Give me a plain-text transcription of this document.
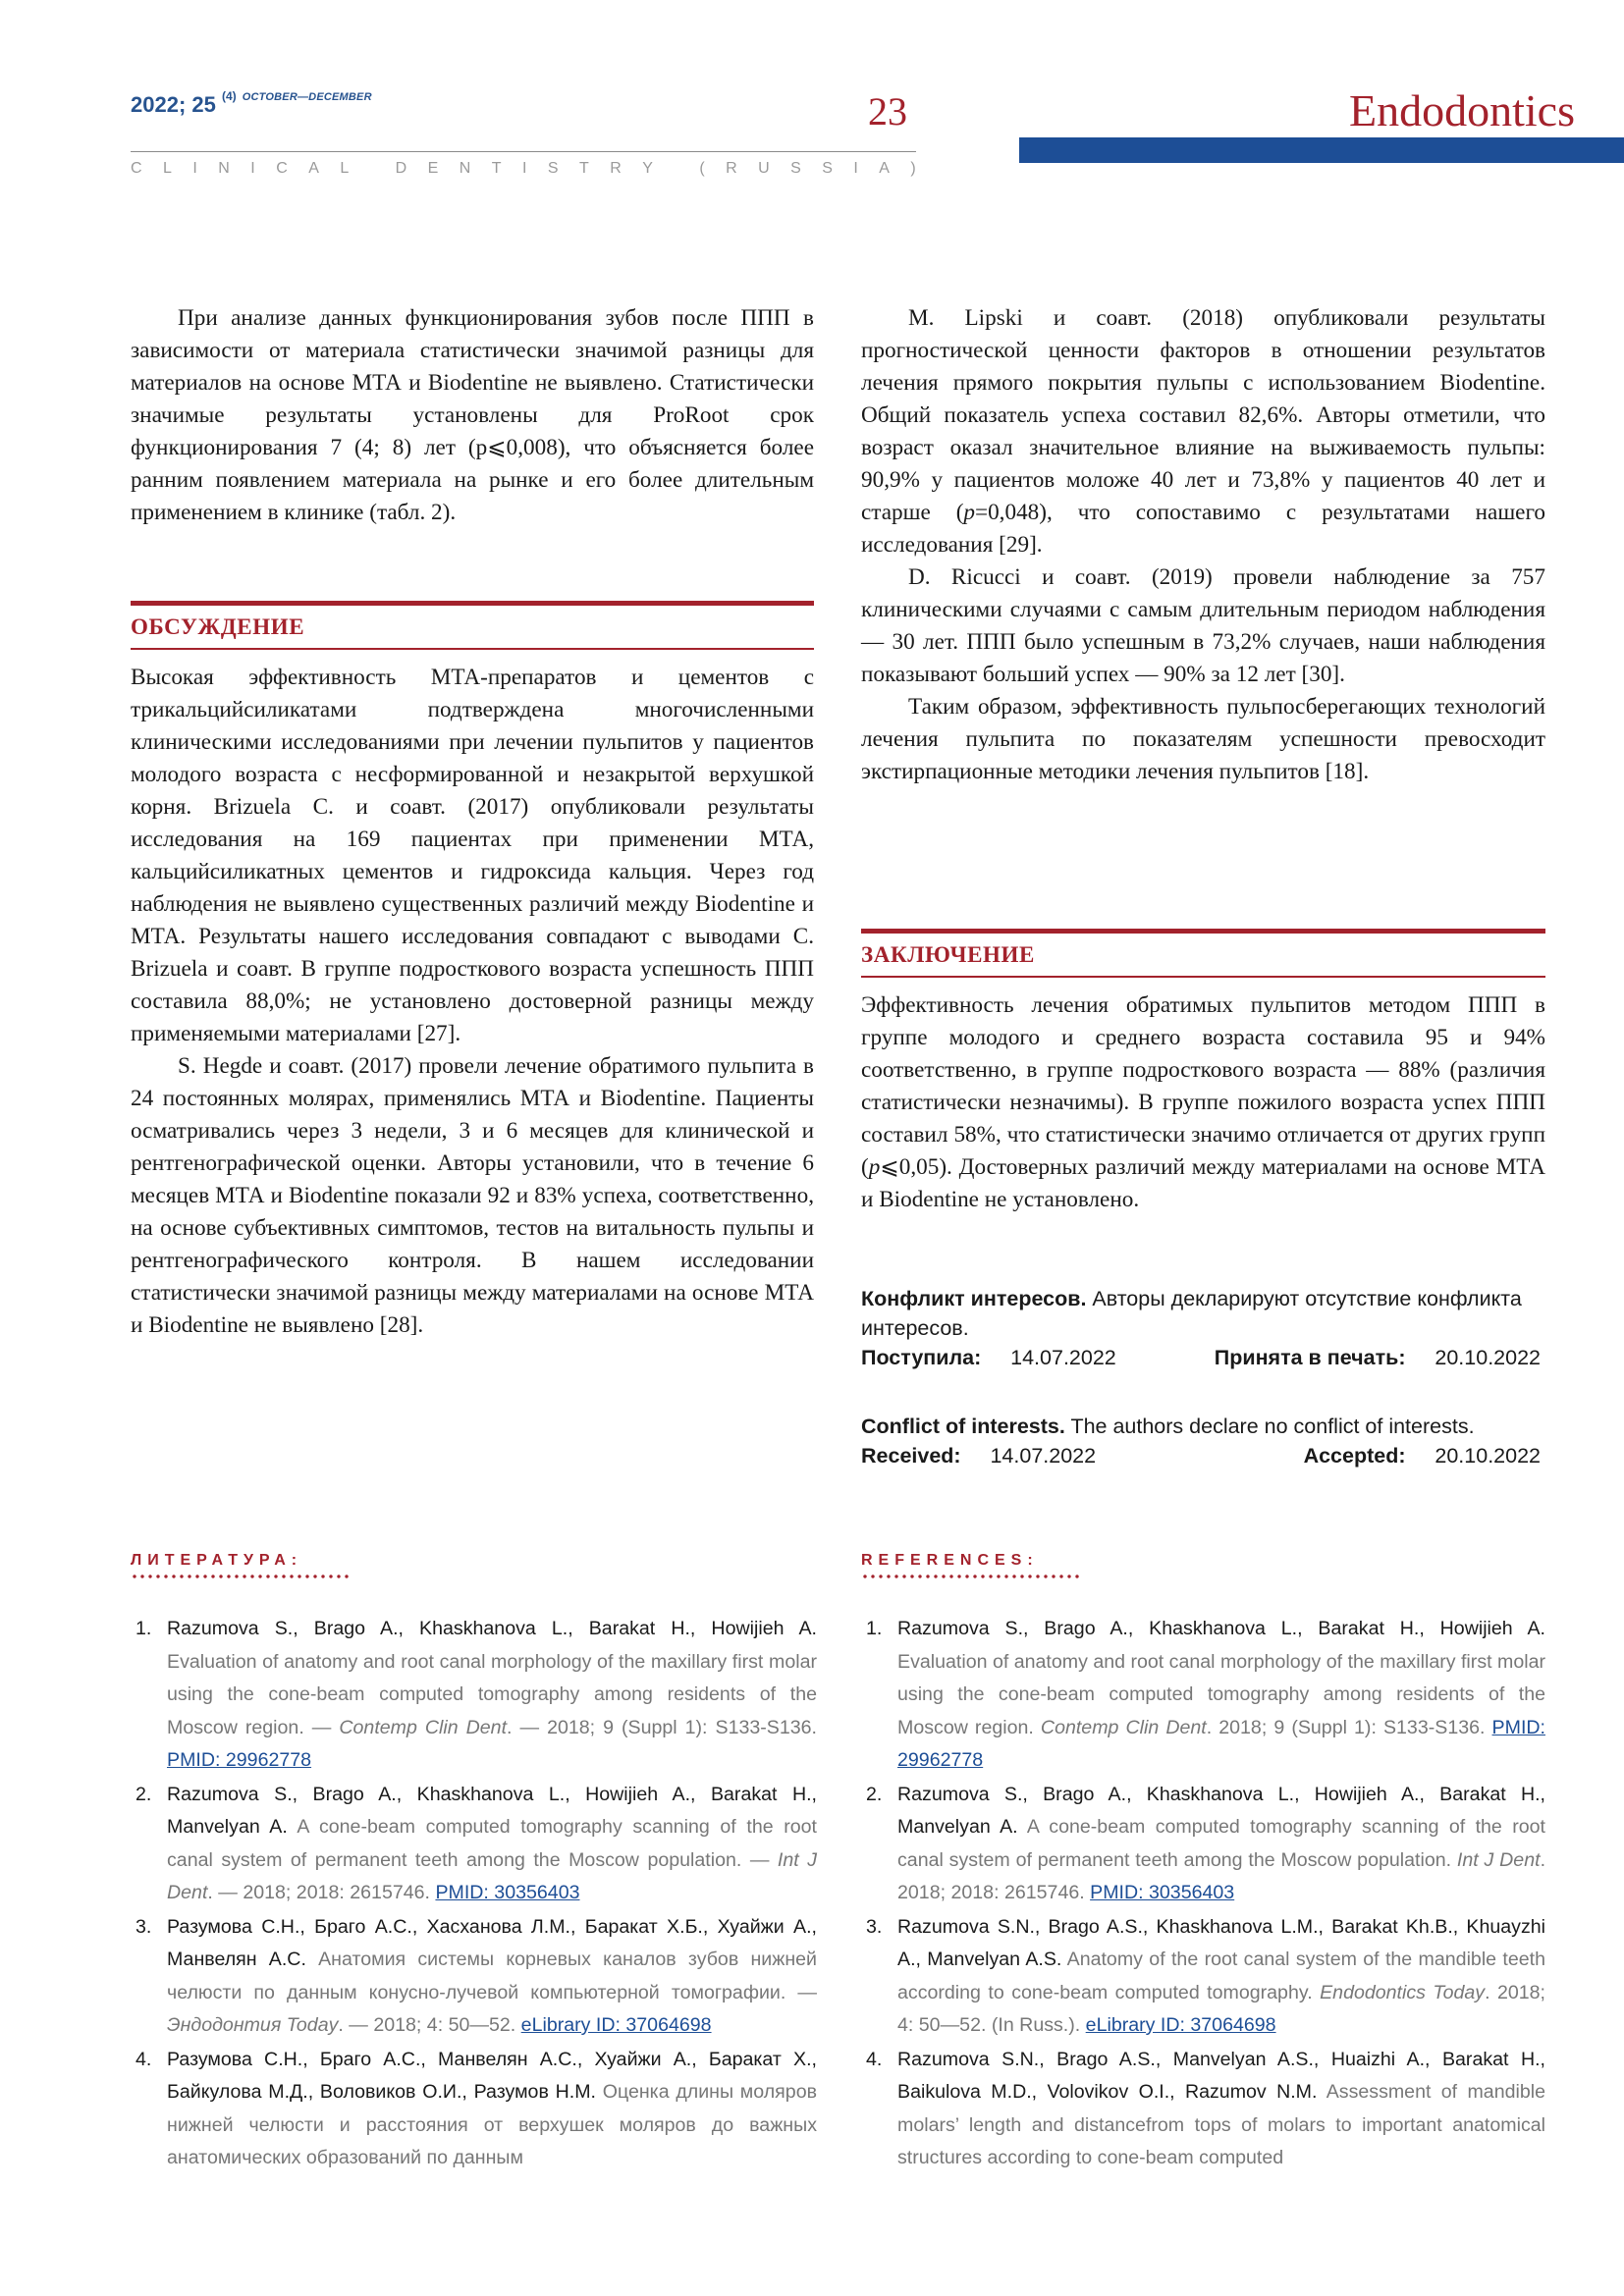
2022; 25 $^{(4)}$ $^{OCTOBER—DECEMBER}$	23
C L I N I C A L
	D E N T I S T R Y
	( R U S S I A )
Endodontics

При анализе данных функционирования зубов после ППП в зависимости от материала статистически значимой разницы для материалов на основе МТА и Biodentine не выявлено. Статистически значимые результаты установлены для ProRoot срок функционирования 7 (4; 8) лет (p⩽0,008), что объясняется более ранним появлением материала на рынке и его более длительным применением в клинике (табл. 2).

ОБСУЖДЕНИЕ

Высокая эффективность МТА-препаратов и цементов с трикальцийсиликатами подтверждена многочисленными клиническими исследованиями при лечении пульпитов у пациентов молодого возраста с несформированной и незакрытой верхушкой корня. Brizuela C. и соавт. (2017) опубликовали результаты исследования на 169 пациентах при применении МТА, кальцийсиликатных цементов и гидроксида кальция. Через год наблюдения не выявлено существенных различий между Biodentine и МТА. Результаты нашего исследования совпадают с выводами C. Brizuela и соавт. В группе подросткового возраста успешность ППП составила 88,0%; не установлено достоверной разницы между применяемыми материалами [27].

S. Hegde и соавт. (2017) провели лечение обратимого пульпита в 24 постоянных молярах, применялись МТА и Biodentine. Пациенты осматривались через 3 недели, 3 и 6 месяцев для клинической и рентгенографической оценки. Авторы установили, что в течение 6 месяцев МТА и Biodentine показали 92 и 83% успеха, соответственно, на основе субъективных симптомов, тестов на витальность пульпы и рентгенографического контроля. В нашем исследовании статистически значимой разницы между материалами на основе МТА и Biodentine не выявлено [28].

M. Lipski и соавт. (2018) опубликовали результаты прогностической ценности факторов в отношении результатов лечения прямого покрытия пульпы с использованием Biodentine. Общий показатель успеха составил 82,6%. Авторы отметили, что возраст оказал значительное влияние на выживаемость пульпы: 90,9% у пациентов моложе 40 лет и 73,8% у пациентов 40 лет и старше (p=0,048), что сопоставимо с результатами нашего исследования [29].

D. Ricucci и соавт. (2019) провели наблюдение за 757 клиническими случаями с самым длительным периодом наблюдения — 30 лет. ППП было успешным в 73,2% случаев, наши наблюдения показывают больший успех — 90% за 12 лет [30].

Таким образом, эффективность пульпосберегающих технологий лечения пульпита по показателям успешности превосходит экстирпационные методики лечения пульпитов [18].

ЗАКЛЮЧЕНИЕ

Эффективность лечения обратимых пульпитов методом ППП в группе молодого и среднего возраста составила 95 и 94% соответственно, в группе подросткового возраста — 88% (различия статистически незначимы). В группе пожилого возраста успех ППП составил 58%, что статистически значимо отличается от других групп (p⩽0,05). Достоверных различий между материалами на основе МТА и Biodentine не установлено.

Конфликт интересов. Авторы декларируют отсутствие конфликта интересов.
Поступила: 14.07.2022	Принята в печать: 20.10.2022
Conflict of interests. The authors declare no conflict of interests.
Received: 14.07.2022	Accepted: 20.10.2022
ЛИТЕРАТУРА:
1. Razumova S., Brago A., Khaskhanova L., Barakat H., Howijieh A. Evaluation of anatomy and root canal morphology of the maxillary first molar using the cone-beam computed tomography among residents of the Moscow region. — Contemp Clin Dent. — 2018; 9 (Suppl 1): S133-S136. PMID: 29962778
2. Razumova S., Brago A., Khaskhanova L., Howijieh A., Barakat H., Manvelyan A. A cone-beam computed tomography scanning of the root canal system of permanent teeth among the Moscow population. — Int J Dent. — 2018; 2018: 2615746. PMID: 30356403
3. Разумова С.Н., Браго А.С., Хасханова Л.М., Баракат Х.Б., Хуайжи А., Манвелян А.С. Анатомия системы корневых каналов зубов нижней челюсти по данным конусно-лучевой компьютерной томографии. — Эндодонтия Today. — 2018; 4: 50—52. eLibrary ID: 37064698
4. Разумова С.Н., Браго А.С., Манвелян А.С., Хуайжи А., Баракат Х., Байкулова М.Д., Воловиков О.И., Разумов Н.М. Оценка длины моляров нижней челюсти и расстояния от верхушек моляров до важных анатомических образований по данным
REFERENCES:
1. Razumova S., Brago A., Khaskhanova L., Barakat H., Howijieh A. Evaluation of anatomy and root canal morphology of the maxillary first molar using the cone-beam computed tomography among residents of the Moscow region. Contemp Clin Dent. 2018; 9 (Suppl 1): S133-S136. PMID: 29962778
2. Razumova S., Brago A., Khaskhanova L., Howijieh A., Barakat H., Manvelyan A. A cone-beam computed tomography scanning of the root canal system of permanent teeth among the Moscow population. Int J Dent. 2018; 2018: 2615746. PMID: 30356403
3. Razumova S.N., Brago A.S., Khaskhanova L.M., Barakat Kh.B., Khuayzhi A., Manvelyan A.S. Anatomy of the root canal system of the mandible teeth according to cone-beam computed tomography. Endodontics Today. 2018; 4: 50—52. (In Russ.). eLibrary ID: 37064698
4. Razumova S.N., Brago A.S., Manvelyan A.S., Huaizhi A., Barakat H., Baikulova M.D., Volovikov O.I., Razumov N.M. Assessment of mandible molars’ length and distancefrom tops of molars to important anatomical structures according to cone-beam computed
